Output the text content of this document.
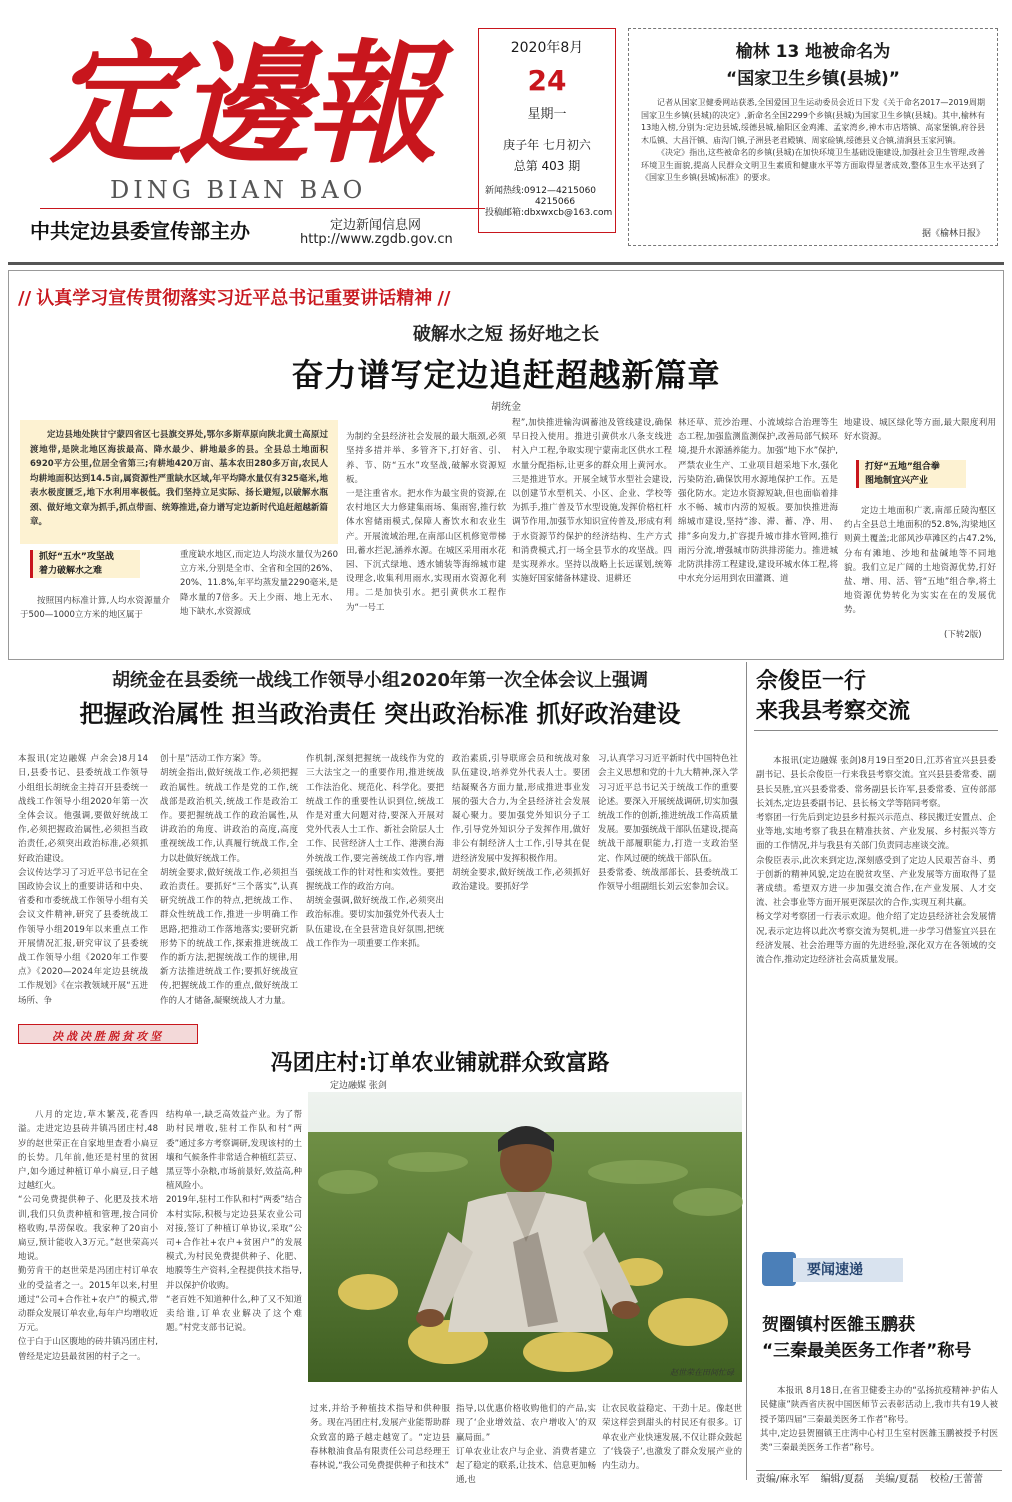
定邊報
DING BIAN BAO
中共定边县委宣传部主办	定边新闻信息网
http://www.zgdb.gov.cn
2020年8月
24
星期一
庚子年 七月初六
总第 403 期
新闻热线:0912—4215060
4215066
投稿邮箱:dbxwxcb@163.com
榆林 13 地被命名为
“国家卫生乡镇(县城)”

记者从国家卫健委网站获悉,全国爱国卫生运动委员会近日下发《关于命名2017—2019周期国家卫生乡镇(县城)的决定》,新命名全国2299个乡镇(县城)为国家卫生乡镇(县城)。其中,榆林有13地入榜,分别为:定边县城,绥德县城,榆阳区金鸡滩、孟家湾乡,神木市店塔镇、高家堡镇,府谷县木瓜镇、大昌汗镇、庙沟门镇,子洲县老君殿镇、周家硷镇,绥德县义合镇,清涧县玉家河镇。

《决定》指出,这些被命名的乡镇(县城)在加快环境卫生基础设施建设,加强社会卫生管理,改善环境卫生面貌,提高人民群众文明卫生素质和健康水平等方面取得显著成效,整体卫生水平达到了《国家卫生乡镇(县城)标准》的要求。

据《榆林日报》
// 认真学习宣传贯彻落实习近平总书记重要讲话精神 //
破解水之短 扬好地之长
奋力谱写定边追赶超越新篇章
胡统金

定边县地处陕甘宁蒙四省区七县旗交界处,鄂尔多斯草原向陕北黄土高原过渡地带,是陕北地区海拔最高、降水最少、耕地最多的县。全县总土地面积6920平方公里,位居全省第三;有耕地420万亩、基本农田280多万亩,农民人均耕地面积达到14.5亩,属资源性严重缺水区域,年平均降水量仅有325毫米,地表水极度匮乏,地下水利用率极低。我们坚持立足实际、扬长避短,以破解水瓶颈、做好地文章为抓手,抓点带面、统筹推进,奋力谱写定边新时代追赶超越新篇章。

抓好“五水”攻坚战
着力破解水之难

按照国内标准计算,人均水资源量介于500—1000立方米的地区属于

重度缺水地区,而定边人均淡水量仅为260立方米,分别是全市、全省和全国的26%、20%、11.8%,年平均蒸发量2290毫米,是降水量的7倍多。天上少雨、地上无水、地下缺水,水资源成

为制约全县经济社会发展的最大瓶颈,必须坚持多措并举、多管齐下,打好省、引、养、节、防“五水”攻坚战,破解水资源短板。
一是注重省水。把水作为最宝贵的资源,在农村地区大力修建集雨场、集雨窖,推行软体水窖储雨模式,保障人畜饮水和农业生产。开展流域治理,在南部山区机修宽带梯田,蓄水拦泥,涵养水源。在城区采用雨水花园、下沉式绿地、透水铺装等海绵城市建设理念,收集利用雨水,实现雨水资源化利用。二是加快引水。把引黄供水工程作为“一号工

程”,加快推进输沟调蓄池及管线建设,确保早日投入使用。推进引黄供水八条支线进村入户工程,争取实现宁蒙南北区供水工程水量分配指标,让更多的群众用上黄河水。三是推进节水。开展全域节水型社会建设,以创建节水型机关、小区、企业、学校等为抓手,推广普及节水型设施,发挥价格杠杆调节作用,加强节水知识宣传普及,形成有利于水资源节约保护的经济结构、生产方式和消费模式,打一场全县节水的攻坚战。四是实现养水。坚持以战略上长远谋划,统筹实施好国家储备林建设、退耕还

林还草、荒沙治理、小流域综合治理等生态工程,加强监测监测保护,改善局部气候环境,提升水源涵养能力。加强“地下水”保护,严禁农业生产、工业项目超采地下水,强化污染防治,确保饮用水源地保护工作。五是强化防水。定边水资源短缺,但也面临着排水不畅、城市内涝的短板。要加快推进海绵城市建设,坚持“渗、滞、蓄、净、用、排”多向发力,扩容提升城市排水管网,推行雨污分流,增强城市防洪排涝能力。推进城北防洪排涝工程建设,建设环城水体工程,将中水充分运用到农田灌溉、道

地建设、城区绿化等方面,最大限度利用好水资源。

打好“五地”组合拳
图地制宜兴产业

定边土地面积广袤,南部丘陵沟壑区约占全县总土地面积的52.8%,沟梁地区则黄土覆盖;北部风沙草滩区约占47.2%,分布有滩地、沙地和盐碱地等不同地貌。我们立足广阔的土地资源优势,打好盐、增、用、活、管“五地”组合拳,将土地资源优势转化为实实在在的发展优势。

(下转2版)
胡统金在县委统一战线工作领导小组2020年第一次全体会议上强调
把握政治属性 担当政治责任 突出政治标准 抓好政治建设

本报讯(定边融媒 卢余会)8月14日,县委书记、县委统战工作领导小组组长胡统金主持召开县委统一战线工作领导小组2020年第一次全体会议。他强调,要做好统战工作,必须把握政治属性,必须担当政治责任,必须突出政治标准,必须抓好政治建设。
会议传达学习了习近平总书记在全国政协会议上的重要讲话和中央、省委和市委统战工作领导小组有关会议文件精神,研究了县委统战工作领导小组2019年以来重点工作开展情况汇报,研究审议了县委统战工作领导小组《2020年工作要点》《2020—2024年定边县统战工作规划》《在宗教领域开展“五进场所、争

创十星”活动工作方案》等。
胡统金指出,做好统战工作,必须把握政治属性。统战工作是党的工作,统战部是政治机关,统战工作是政治工作。要把握统战工作的政治属性,从讲政治的角度、讲政治的高度,高度重视统战工作,认真履行统战工作,全力以赴做好统战工作。
胡统金要求,做好统战工作,必须担当政治责任。要抓好“三个落实”,认真研究统战工作的特点,把统战工作、群众性统战工作,推进一步明确工作思路,把推动工作落地落实;要研究新形势下的统战工作,探索推进统战工作的新方法,把握统战工作的规律,用新方法推进统战工作;要抓好统战宣传,把握统战工作的重点,做好统战工作的人才储备,凝聚统战人才力量。

作机制,深刻把握统一战线作为党的三大法宝之一的重要作用,推进统战工作法治化、规范化、科学化。要把统战工作的重要性认识到位,统战工作是对重大问题对待,要深入开展对党外代表人士工作、新社会阶层人士工作、民营经济人士工作、港澳台海外统战工作,要完善统战工作内容,增强统战工作的针对性和实效性。要把握统战工作的政治方向。
胡统金强调,做好统战工作,必须突出政治标准。要切实加强党外代表人士队伍建设,在全县营造良好氛围,把统战工作作为一项重要工作来抓。

政治素质,引导联席会员和统战对象队伍建设,培养党外代表人士。要团结凝聚各方面力量,形成推进事业发展的强大合力,为全县经济社会发展凝心聚力。要加强党外知识分子工作,引导党外知识分子发挥作用,做好非公有制经济人士工作,引导其在促进经济发展中发挥积极作用。
胡统金要求,做好统战工作,必须抓好政治建设。要抓好学

习,认真学习习近平新时代中国特色社会主义思想和党的十九大精神,深入学习习近平总书记关于统战工作的重要论述。要深入开展统战调研,切实加强统战工作的创新,推进统战工作高质量发展。要加强统战干部队伍建设,提高统战干部履职能力,打造一支政治坚定、作风过硬的统战干部队伍。
县委常委、统战部部长、县委统战工作领导小组副组长刘云宏参加会议。

佘俊臣一行
来我县考察交流

本报讯(定边融媒 张剑)8月19日至20日,江苏省宜兴县县委副书记、县长佘俊臣一行来我县考察交流。宜兴县县委常委、副县长吴胜,宜兴县委常委、常务副县长许军,县委常委、宣传部部长刘杰,定边县委副书记、县长杨文学等陪同考察。
考察团一行先后到定边县乡村振兴示范点、移民搬迁安置点、企业等地,实地考察了我县在精准扶贫、产业发展、乡村振兴等方面的工作情况,并与我县有关部门负责同志座谈交流。
佘俊臣表示,此次来到定边,深刻感受到了定边人民艰苦奋斗、勇于创新的精神风貌,定边在脱贫攻坚、产业发展等方面取得了显著成绩。希望双方进一步加强交流合作,在产业发展、人才交流、社会事业等方面开展更深层次的合作,实现互利共赢。
杨文学对考察团一行表示欢迎。他介绍了定边县经济社会发展情况,表示定边将以此次考察交流为契机,进一步学习借鉴宜兴县在经济发展、社会治理等方面的先进经验,深化双方在各领域的交流合作,推动定边经济社会高质量发展。

决战决胜脱贫攻坚
冯团庄村:订单农业铺就群众致富路
定边融媒 张剑

八月的定边,草木繁茂,花香四溢。走进定边县砖井镇冯团庄村,48岁的赵世荣正在自家地里查看小扁豆的长势。几年前,他还是村里的贫困户,如今通过种植订单小扁豆,日子越过越红火。
“公司免费提供种子、化肥及技术培训,我们只负责种植和管理,按合同价格收购,旱涝保收。我家种了20亩小扁豆,预计能收入3万元。”赵世荣高兴地说。
勤劳肯干的赵世荣是冯团庄村订单农业的受益者之一。2015年以来,村里通过“公司+合作社+农户”的模式,带动群众发展订单农业,每年户均增收近万元。
位于白于山区腹地的砖井镇冯团庄村,曾经是定边县最贫困的村子之一。

结构单一,缺乏高效益产业。为了帮助村民增收,驻村工作队和村“两委”通过多方考察调研,发现该村的土壤和气候条件非常适合种植红芸豆、黑豆等小杂粮,市场前景好,效益高,种植风险小。
2019年,驻村工作队和村“两委”结合本村实际,积极与定边县某农业公司对接,签订了种植订单协议,采取“公司+合作社+农户+贫困户”的发展模式,为村民免费提供种子、化肥、地膜等生产资料,全程提供技术指导,并以保护价收购。
“老百姓不知道种什么,种了又不知道卖给谁,订单农业解决了这个难题。”村党支部书记说。

赵世荣在田间忙碌

过来,并给予种植技术指导和供种服务。现在冯团庄村,发展产业能帮助群众致富的路子越走越宽了。“定边县春林粮油食品有限责任公司总经理王春林说,“我公司免费提供种子和技术”

指导,以优惠价格收购他们的产品,实现了‘企业增效益、农户增收入’的双赢局面。”
订单农业让农户与企业、消费者建立起了稳定的联系,让技术、信息更加畅通,也

让农民收益稳定、干劲十足。像赵世荣这样尝到甜头的村民还有很多。订单农业产业快速发展,不仅让群众鼓起了‘钱袋子’,也激发了群众发展产业的内生动力。

要闻速递
贺圈镇村医雒玉鹏获
“三秦最美医务工作者”称号

本报讯 8月18日,在省卫健委主办的“弘扬抗疫精神·护佑人民健康”陕西省庆祝中国医师节云表彰活动上,我市共有19人被授予第四届“三秦最美医务工作者”称号。
其中,定边县贺圈镇王庄湾中心村卫生室村医雒玉鹏被授予村医类“三秦最美医务工作者”称号。

责编/麻永军 编辑/夏磊 美编/夏磊 校检/王蕾蕾
